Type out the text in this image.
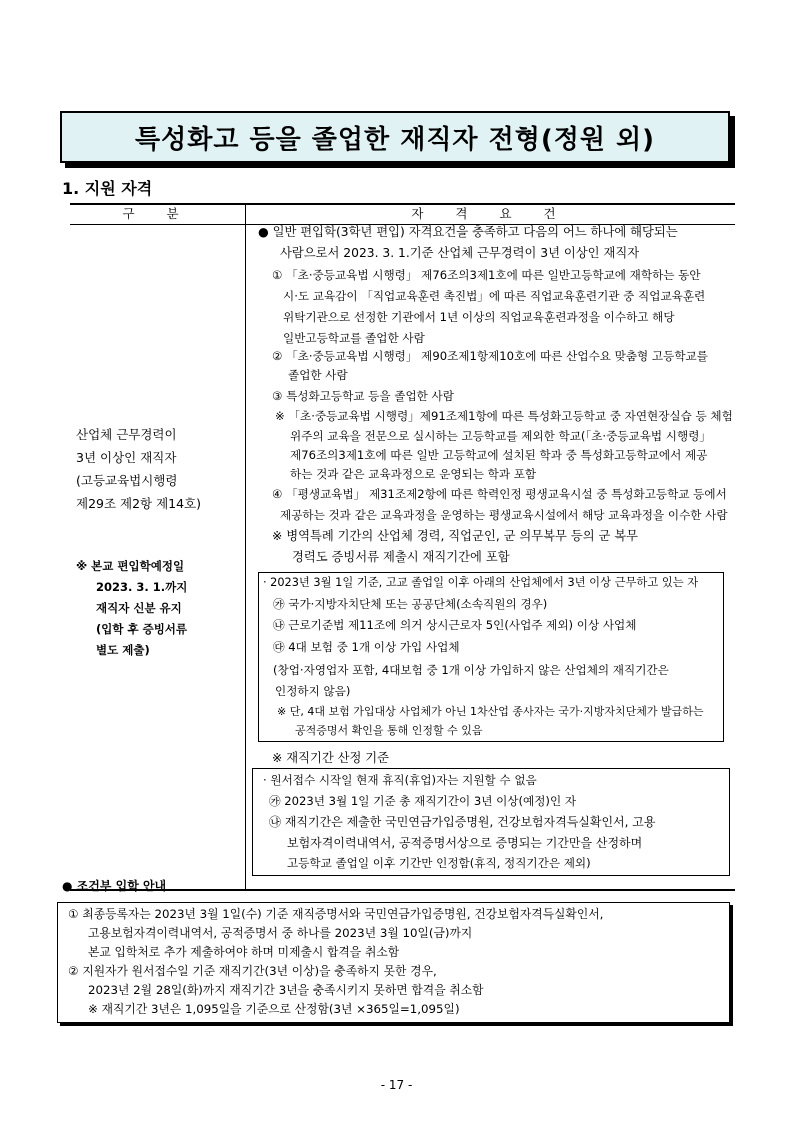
특성화고 등을 졸업한 재직자 전형(정원 외)
1. 지원 자격
구 분	자 격 요 건
산업체 근무경력이
3년 이상인 재직자
(고등교육법시행령
제29조 제2항 제14호)
※ 본교 편입학예정일
2023. 3. 1.까지
재직자 신분 유지
(입학 후 증빙서류
별도 제출)
● 일반 편입학(3학년 편입) 자격요건을 충족하고 다음의 어느 하나에 해당되는
사람으로서 2023. 3. 1.기준 산업체 근무경력이 3년 이상인 재직자
① 「초·중등교육법 시행령」 제76조의3제1호에 따른 일반고등학교에 재학하는 동안
시·도 교육감이 「직업교육훈련 촉진법」에 따른 직업교육훈련기관 중 직업교육훈련
위탁기관으로 선정한 기관에서 1년 이상의 직업교육훈련과정을 이수하고 해당
일반고등학교를 졸업한 사람
② 「초·중등교육법 시행령」 제90조제1항제10호에 따른 산업수요 맞춤형 고등학교를
졸업한 사람
③ 특성화고등학교 등을 졸업한 사람
※ 「초·중등교육법 시행령」제91조제1항에 따른 특성화고등학교 중 자연현장실습 등 체험
위주의 교육을 전문으로 실시하는 고등학교를 제외한 학교(「초·중등교육법 시행령」
제76조의3제1호에 따른 일반 고등학교에 설치된 학과 중 특성화고등학교에서 제공
하는 것과 같은 교육과정으로 운영되는 학과 포함
④ 「평생교육법」 제31조제2항에 따른 학력인정 평생교육시설 중 특성화고등학교 등에서
제공하는 것과 같은 교육과정을 운영하는 평생교육시설에서 해당 교육과정을 이수한 사람
※ 병역특례 기간의 산업체 경력, 직업군인, 군 의무복무 등의 군 복무
경력도 증빙서류 제출시 재직기간에 포함
· 2023년 3월 1일 기준, 고교 졸업일 이후 아래의 산업체에서 3년 이상 근무하고 있는 자
㉮ 국가·지방자치단체 또는 공공단체(소속직원의 경우)
㉯ 근로기준법 제11조에 의거 상시근로자 5인(사업주 제외) 이상 사업체
㉰ 4대 보험 중 1개 이상 가입 사업체
(창업·자영업자 포함, 4대보험 중 1개 이상 가입하지 않은 산업체의 재직기간은
인정하지 않음)
※ 단, 4대 보험 가입대상 사업체가 아닌 1차산업 종사자는 국가·지방자치단체가 발급하는
공적증명서 확인을 통해 인정할 수 있음
※ 재직기간 산정 기준
· 원서접수 시작일 현재 휴직(휴업)자는 지원할 수 없음
㉮ 2023년 3월 1일 기준 총 재직기간이 3년 이상(예정)인 자
㉯ 재직기간은 제출한 국민연금가입증명원, 건강보험자격득실확인서, 고용
보험자격이력내역서, 공적증명서상으로 증명되는 기간만을 산정하며
고등학교 졸업일 이후 기간만 인정함(휴직, 정직기간은 제외)
● 조건부 입학 안내
① 최종등록자는 2023년 3월 1일(수) 기준 재직증명서와 국민연금가입증명원, 건강보험자격득실확인서,
고용보험자격이력내역서, 공적증명서 중 하나를 2023년 3월 10일(금)까지
본교 입학처로 추가 제출하여야 하며 미제출시 합격을 취소함
② 지원자가 원서접수일 기준 재직기간(3년 이상)을 충족하지 못한 경우,
2023년 2월 28일(화)까지 재직기간 3년을 충족시키지 못하면 합격을 취소함
※ 재직기간 3년은 1,095일을 기준으로 산정함(3년 ×365일=1,095일)
- 17 -
